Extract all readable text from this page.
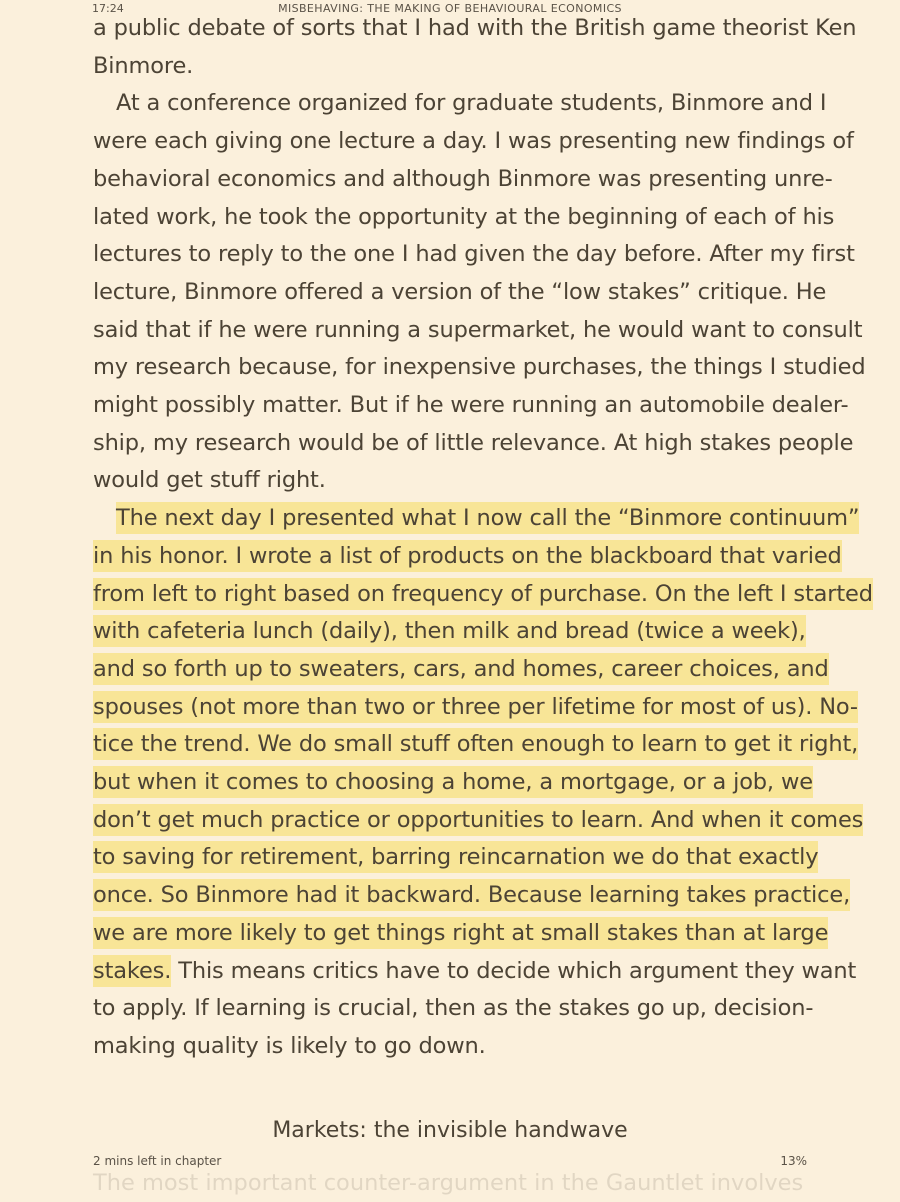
17:24	MISBEHAVING: THE MAKING OF BEHAVIOURAL ECONOMICS
a public debate of sorts that I had with the British game theorist Ken
Binmore.
At a conference organized for graduate students, Binmore and I
were each giving one lecture a day. I was presenting new findings of
behavioral economics and although Binmore was presenting unre-
lated work, he took the opportunity at the beginning of each of his
lectures to reply to the one I had given the day before. After my first
lecture, Binmore offered a version of the “low stakes” critique. He
said that if he were running a supermarket, he would want to consult
my research because, for inexpensive purchases, the things I studied
might possibly matter. But if he were running an automobile dealer-
ship, my research would be of little relevance. At high stakes people
would get stuff right.
The next day I presented what I now call the “Binmore continuum”
in his honor. I wrote a list of products on the blackboard that varied
from left to right based on frequency of purchase. On the left I started
with cafeteria lunch (daily), then milk and bread (twice a week),
and so forth up to sweaters, cars, and homes, career choices, and
spouses (not more than two or three per lifetime for most of us). No-
tice the trend. We do small stuff often enough to learn to get it right,
but when it comes to choosing a home, a mortgage, or a job, we
don’t get much practice or opportunities to learn. And when it comes
to saving for retirement, barring reincarnation we do that exactly
once. So Binmore had it backward. Because learning takes practice,
we are more likely to get things right at small stakes than at large
stakes. This means critics have to decide which argument they want
to apply. If learning is crucial, then as the stakes go up, decision-
making quality is likely to go down.
Markets: the invisible handwave
The most important counter-argument in the Gauntlet involves
2 mins left in chapter	13%
